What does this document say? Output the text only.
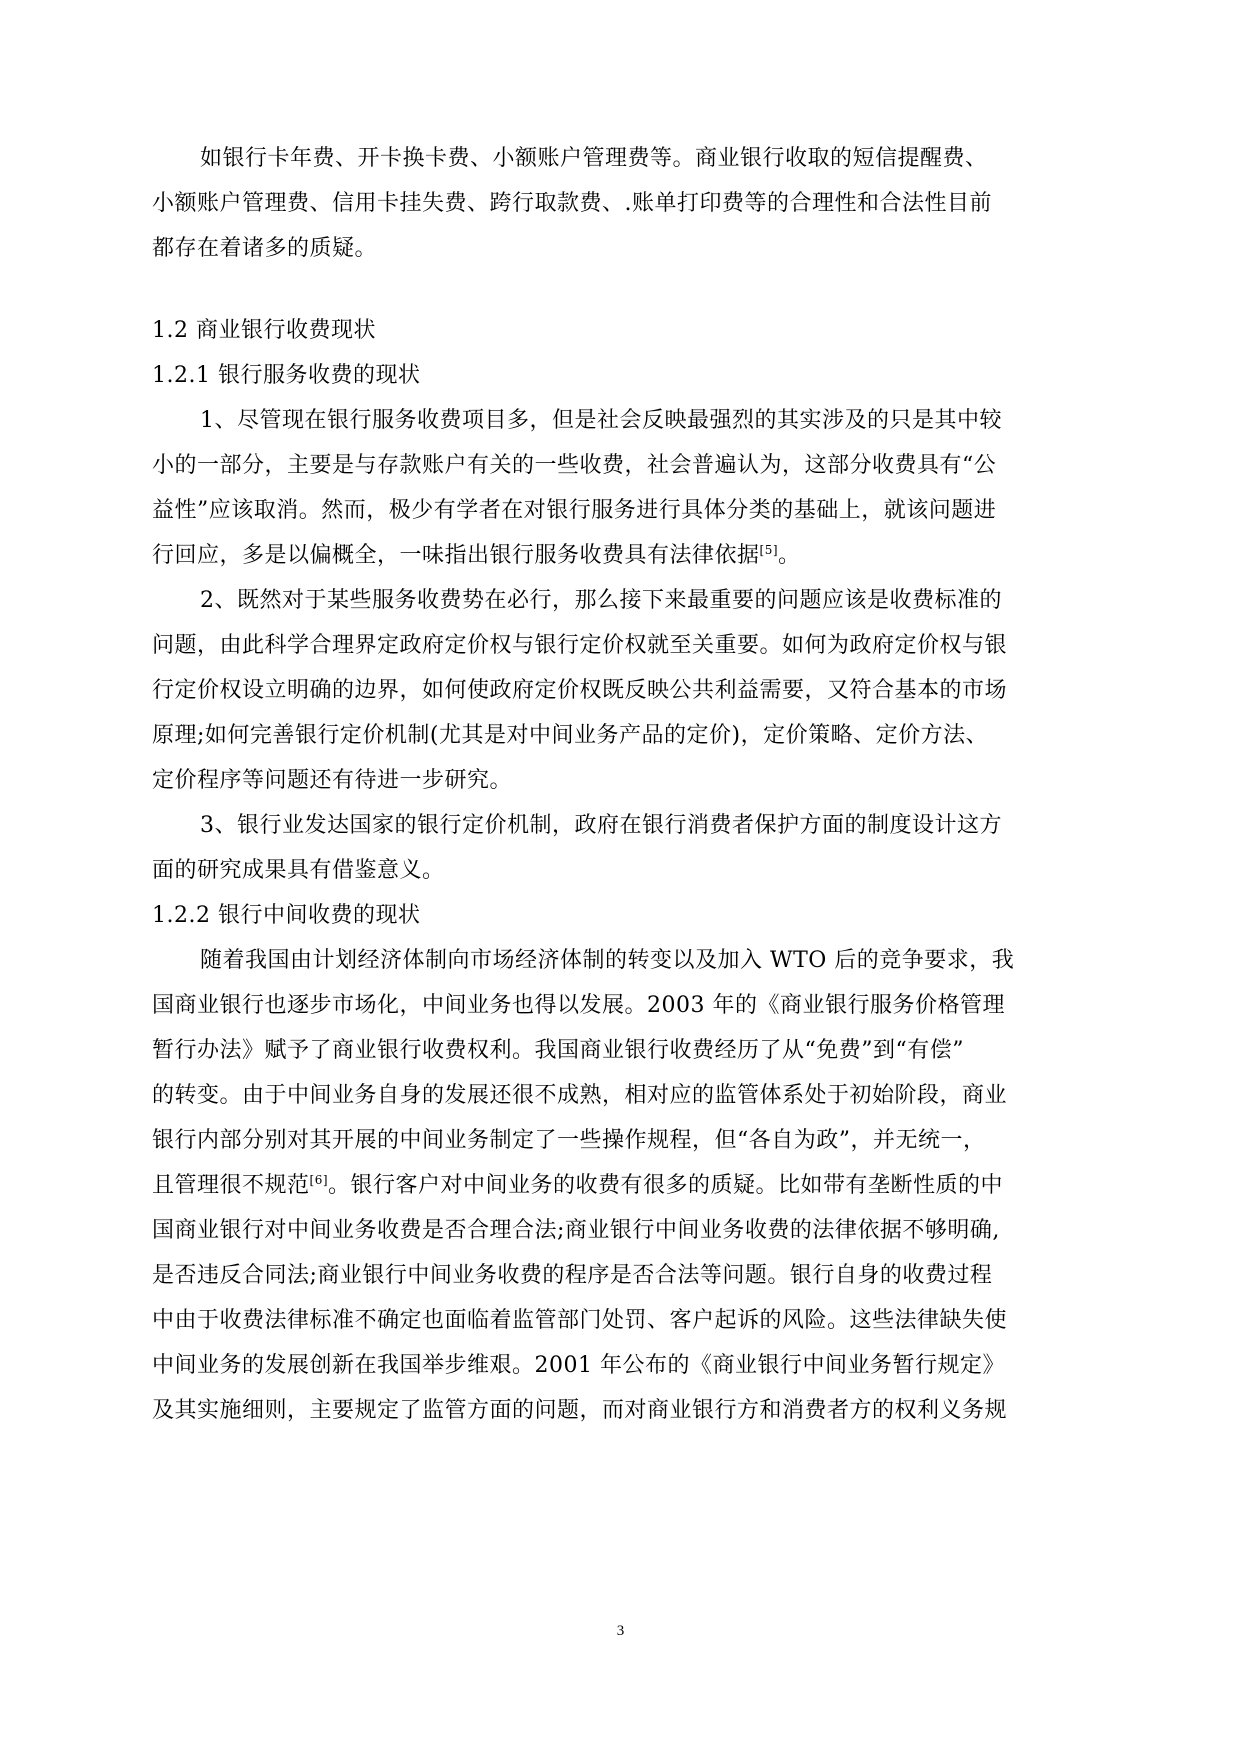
如银行卡年费、开卡换卡费、小额账户管理费等。商业银行收取的短信提醒费、
小额账户管理费、信用卡挂失费、跨行取款费、.账单打印费等的合理性和合法性目前
都存在着诸多的质疑。
1.2 商业银行收费现状
1.2.1 银行服务收费的现状
1、尽管现在银行服务收费项目多，但是社会反映最强烈的其实涉及的只是其中较
小的一部分，主要是与存款账户有关的一些收费，社会普遍认为，这部分收费具有“公
益性”应该取消。然而，极少有学者在对银行服务进行具体分类的基础上，就该问题进
行回应，多是以偏概全，一味指出银行服务收费具有法律依据[5]。
2、既然对于某些服务收费势在必行，那么接下来最重要的问题应该是收费标准的
问题，由此科学合理界定政府定价权与银行定价权就至关重要。如何为政府定价权与银
行定价权设立明确的边界，如何使政府定价权既反映公共利益需要，又符合基本的市场
原理;如何完善银行定价机制(尤其是对中间业务产品的定价)，定价策略、定价方法、
定价程序等问题还有待进一步研究。
3、银行业发达国家的银行定价机制，政府在银行消费者保护方面的制度设计这方
面的研究成果具有借鉴意义。
1.2.2 银行中间收费的现状
随着我国由计划经济体制向市场经济体制的转变以及加入 WTO 后的竞争要求，我
国商业银行也逐步市场化，中间业务也得以发展。2003 年的《商业银行服务价格管理
暂行办法》赋予了商业银行收费权利。我国商业银行收费经历了从“免费”到“有偿”
的转变。由于中间业务自身的发展还很不成熟，相对应的监管体系处于初始阶段，商业
银行内部分别对其开展的中间业务制定了一些操作规程，但“各自为政”，并无统一，
且管理很不规范[6]。银行客户对中间业务的收费有很多的质疑。比如带有垄断性质的中
国商业银行对中间业务收费是否合理合法;商业银行中间业务收费的法律依据不够明确,
是否违反合同法;商业银行中间业务收费的程序是否合法等问题。银行自身的收费过程
中由于收费法律标准不确定也面临着监管部门处罚、客户起诉的风险。这些法律缺失使
中间业务的发展创新在我国举步维艰。2001 年公布的《商业银行中间业务暂行规定》
及其实施细则，主要规定了监管方面的问题，而对商业银行方和消费者方的权利义务规
3
